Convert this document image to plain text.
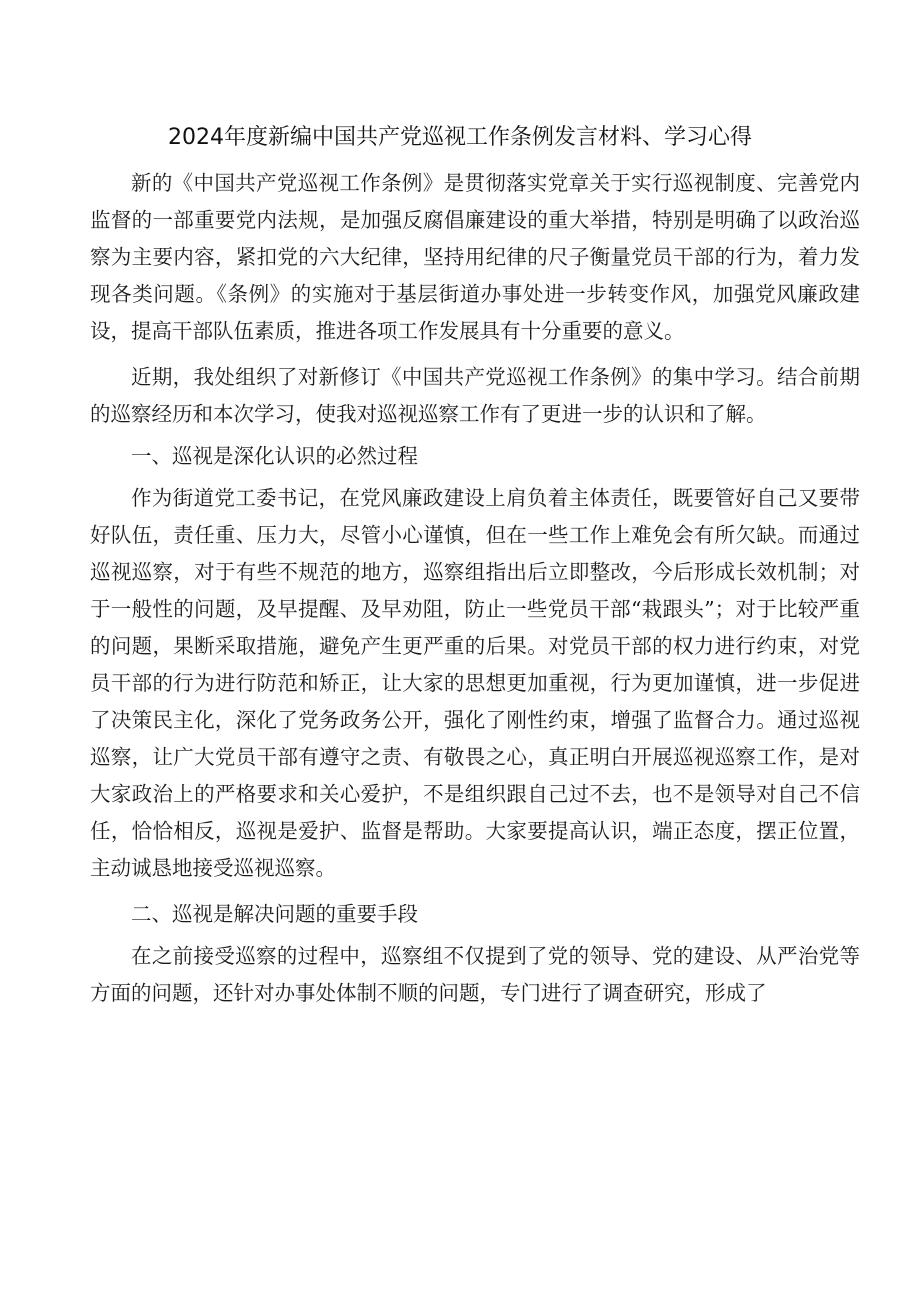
2024年度新编中国共产党巡视工作条例发言材料、学习心得

新的《中国共产党巡视工作条例》是贯彻落实党章关于实行巡视制度、完善党内监督的一部重要党内法规，是加强反腐倡廉建设的重大举措，特别是明确了以政治巡察为主要内容，紧扣党的六大纪律，坚持用纪律的尺子衡量党员干部的行为，着力发现各类问题。《条例》的实施对于基层街道办事处进一步转变作风，加强党风廉政建设，提高干部队伍素质，推进各项工作发展具有十分重要的意义。

近期，我处组织了对新修订《中国共产党巡视工作条例》的集中学习。结合前期的巡察经历和本次学习，使我对巡视巡察工作有了更进一步的认识和了解。

一、巡视是深化认识的必然过程

作为街道党工委书记，在党风廉政建设上肩负着主体责任，既要管好自己又要带好队伍，责任重、压力大，尽管小心谨慎，但在一些工作上难免会有所欠缺。而通过巡视巡察，对于有些不规范的地方，巡察组指出后立即整改，今后形成长效机制；对于一般性的问题，及早提醒、及早劝阻，防止一些党员干部“栽跟头”；对于比较严重的问题，果断采取措施，避免产生更严重的后果。对党员干部的权力进行约束，对党员干部的行为进行防范和矫正，让大家的思想更加重视，行为更加谨慎，进一步促进了决策民主化，深化了党务政务公开，强化了刚性约束，增强了监督合力。通过巡视巡察，让广大党员干部有遵守之责、有敬畏之心，真正明白开展巡视巡察工作，是对大家政治上的严格要求和关心爱护，不是组织跟自己过不去，也不是领导对自己不信任，恰恰相反，巡视是爱护、监督是帮助。大家要提高认识，端正态度，摆正位置，主动诚恳地接受巡视巡察。

二、巡视是解决问题的重要手段

在之前接受巡察的过程中，巡察组不仅提到了党的领导、党的建设、从严治党等方面的问题，还针对办事处体制不顺的问题，专门进行了调查研究，形成了
